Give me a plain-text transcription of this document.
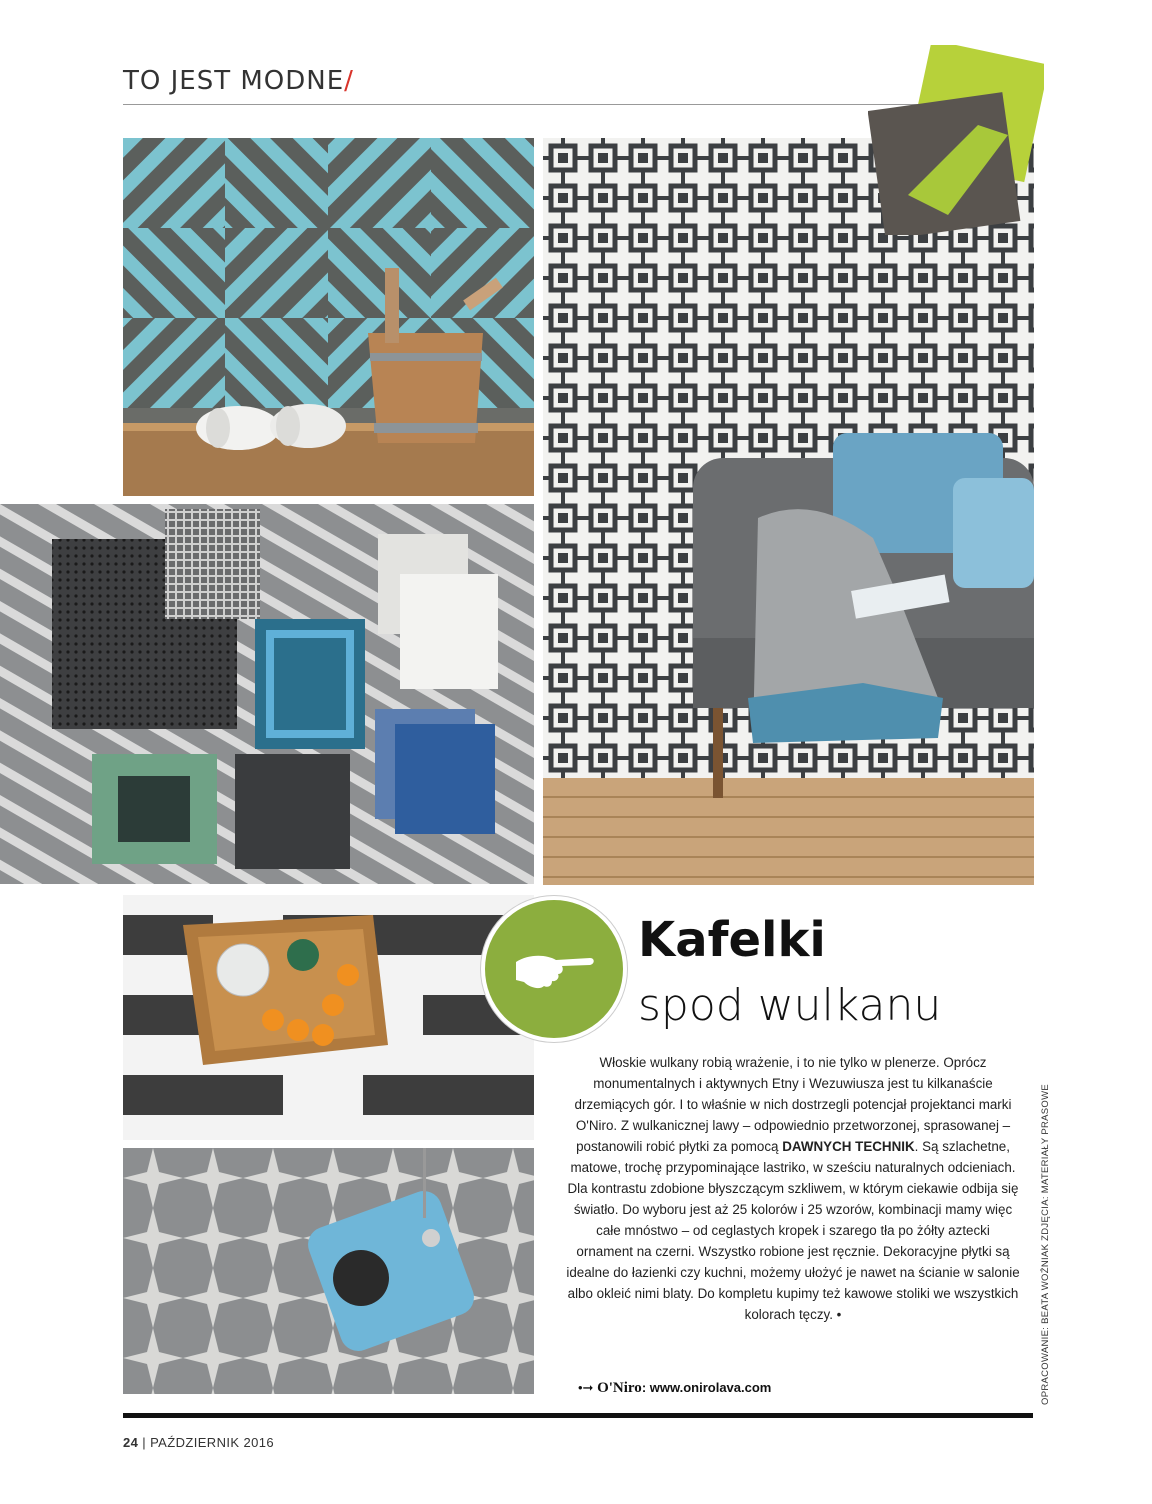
TO JEST MODNE/
Kafelki
spod wulkanu
Włoskie wulkany robią wrażenie, i to nie tylko w plenerze. Oprócz monumentalnych i aktywnych Etny i Wezuwiusza jest tu kilkanaście drzemiących gór. I to właśnie w nich dostrzegli potencjał projektanci marki O'Niro. Z wulkanicznej lawy – odpowiednio przetworzonej, sprasowanej – postanowili robić płytki za pomocą DAWNYCH TECHNIK. Są szlachetne, matowe, trochę przypominające lastriko, w sześciu naturalnych odcieniach. Dla kontrastu zdobione błyszczącym szkliwem, w którym ciekawie odbija się światło. Do wyboru jest aż 25 kolorów i 25 wzorów, kombinacji mamy więc całe mnóstwo – od ceglastych kropek i szarego tła po żółty aztecki ornament na czerni. Wszystko robione jest ręcznie. Dekoracyjne płytki są idealne do łazienki czy kuchni, możemy ułożyć je nawet na ścianie w salonie albo okleić nimi blaty. Do kompletu kupimy też kawowe stoliki we wszystkich kolorach tęczy. •
•➞ O'Niro: www.onirolava.com	OPRACOWANIE: BEATA WOŹNIAK ZDJĘCIA: MATERIAŁY PRASOWE
24 | PAŹDZIERNIK 2016
